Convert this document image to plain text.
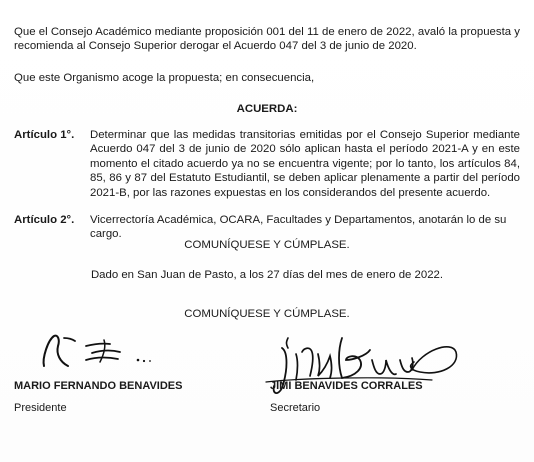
Que el Consejo Académico mediante proposición 001 del 11 de enero de 2022, avaló la propuesta y recomienda al Consejo Superior derogar el Acuerdo 047 del 3 de junio de 2020.

Que este Organismo acoge la propuesta; en consecuencia,

ACUERDA:

Artículo 1°. Determinar que las medidas transitorias emitidas por el Consejo Superior mediante Acuerdo 047 del 3 de junio de 2020 sólo aplican hasta el período 2021-A y en este momento el citado acuerdo ya no se encuentra vigente; por lo tanto, los artículos 84, 85, 86 y 87 del Estatuto Estudiantil, se deben aplicar plenamente a partir del período 2021-B, por las razones expuestas en los considerandos del presente acuerdo.

Artículo 2°. Vicerrectoría Académica, OCARA, Facultades y Departamentos, anotarán lo de su cargo.

COMUNÍQUESE Y CÚMPLASE.

Dado en San Juan de Pasto, a los 27 días del mes de enero de 2022.

COMUNÍQUESE Y CÚMPLASE.

MARIO FERNANDO BENAVIDES

Presidente

JIMI BENAVIDES CORRALES

Secretario
